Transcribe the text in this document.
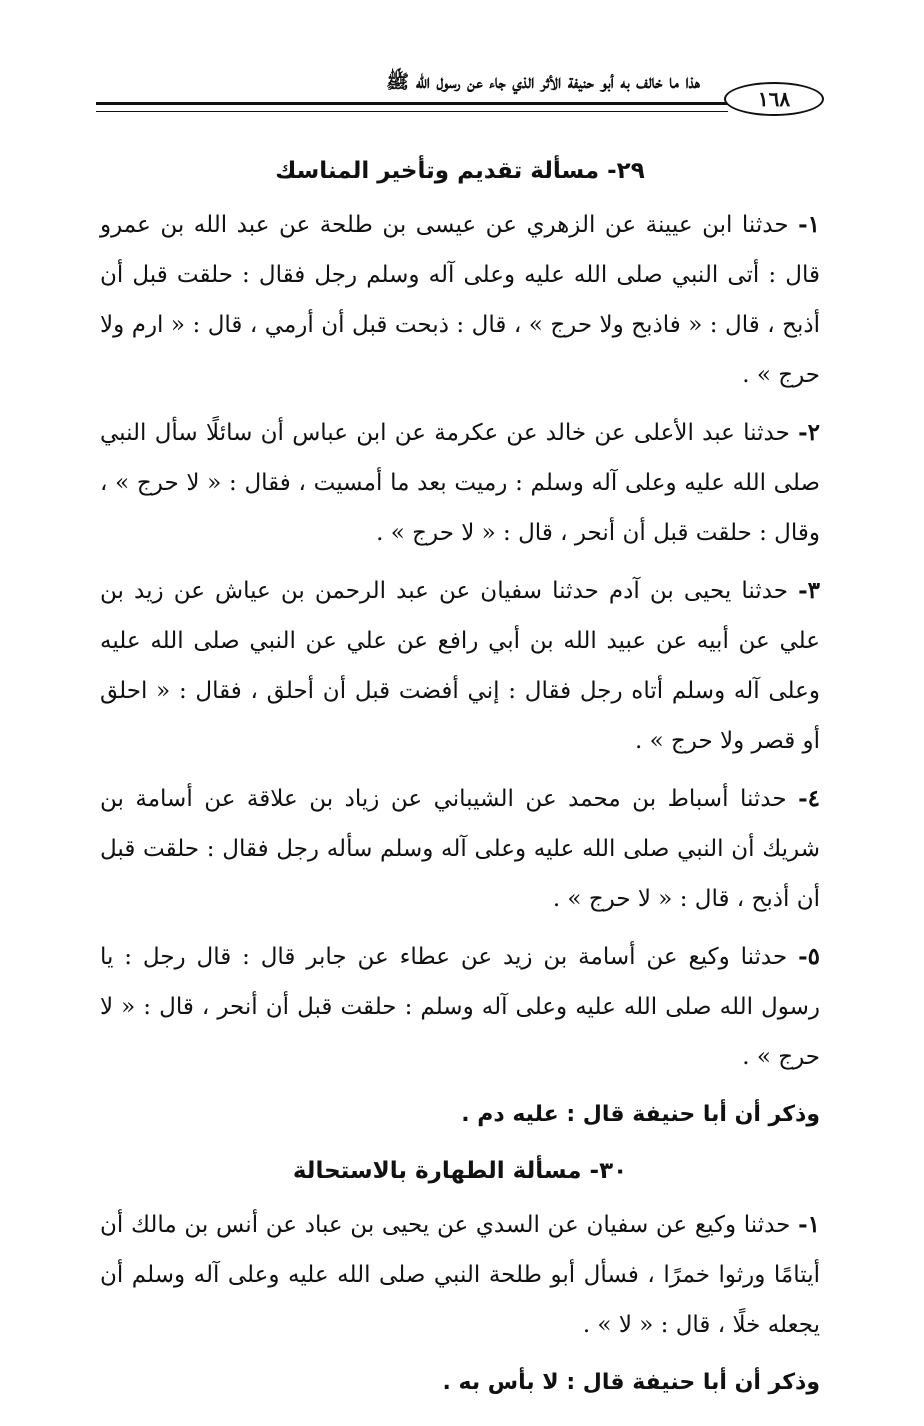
هذا ما خالف به أبو حنيفة الأثر الذي جاء عن رسول الله ﷺ
١٦٨
٢٩- مسألة تقديم وتأخير المناسك

١- حدثنا ابن عيينة عن الزهري عن عيسى بن طلحة عن عبد الله بن عمرو قال : أتى النبي صلى الله عليه وعلى آله وسلم رجل فقال : حلقت قبل أن أذبح ، قال : « فاذبح ولا حرج » ، قال : ذبحت قبل أن أرمي ، قال : « ارم ولا حرج » .

٢- حدثنا عبد الأعلى عن خالد عن عكرمة عن ابن عباس أن سائلًا سأل النبي صلى الله عليه وعلى آله وسلم : رميت بعد ما أمسيت ، فقال : « لا حرج » ، وقال : حلقت قبل أن أنحر ، قال : « لا حرج » .

٣- حدثنا يحيى بن آدم حدثنا سفيان عن عبد الرحمن بن عياش عن زيد بن علي عن أبيه عن عبيد الله بن أبي رافع عن علي عن النبي صلى الله عليه وعلى آله وسلم أتاه رجل فقال : إني أفضت قبل أن أحلق ، فقال : « احلق أو قصر ولا حرج » .

٤- حدثنا أسباط بن محمد عن الشيباني عن زياد بن علاقة عن أسامة بن شريك أن النبي صلى الله عليه وعلى آله وسلم سأله رجل فقال : حلقت قبل أن أذبح ، قال : « لا حرج » .

٥- حدثنا وكيع عن أسامة بن زيد عن عطاء عن جابر قال : قال رجل : يا رسول الله صلى الله عليه وعلى آله وسلم : حلقت قبل أن أنحر ، قال : « لا حرج » .

وذكر أن أبا حنيفة قال : عليه دم .

٣٠- مسألة الطهارة بالاستحالة

١- حدثنا وكيع عن سفيان عن السدي عن يحيى بن عباد عن أنس بن مالك أن أيتامًا ورثوا خمرًا ، فسأل أبو طلحة النبي صلى الله عليه وعلى آله وسلم أن يجعله خلًا ، قال : « لا » .

وذكر أن أبا حنيفة قال : لا بأس به .
